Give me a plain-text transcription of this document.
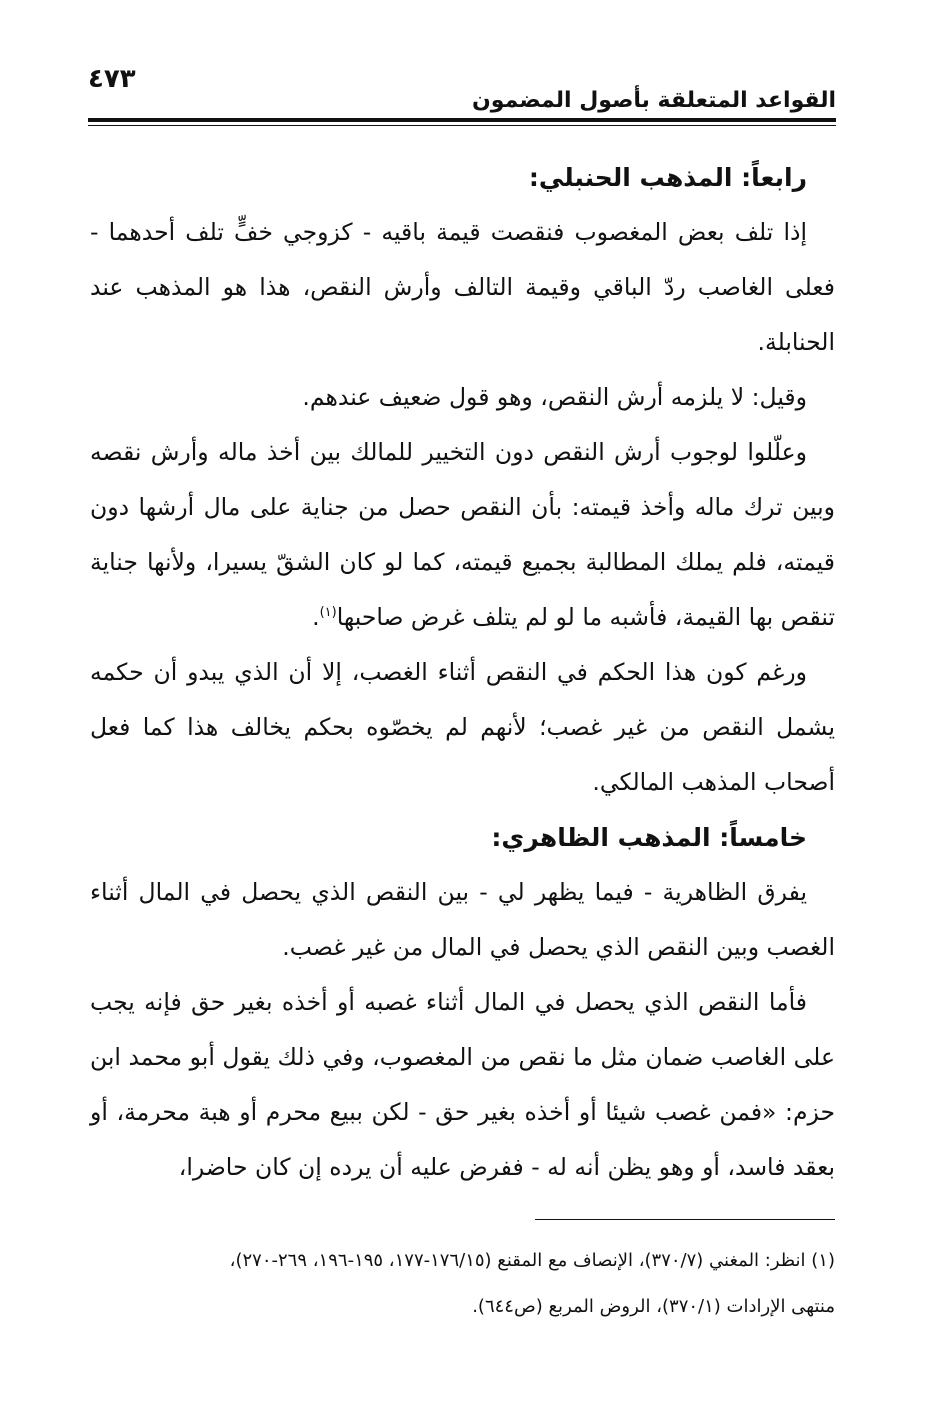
٤٧٣
القواعد المتعلقة بأصول المضمون

رابعاً: المذهب الحنبلي:

إذا تلف بعض المغصوب فنقصت قيمة باقيه - كزوجي خفٍّ تلف أحدهما - فعلى الغاصب ردّ الباقي وقيمة التالف وأرش النقص، هذا هو المذهب عند الحنابلة.

وقيل: لا يلزمه أرش النقص، وهو قول ضعيف عندهم.

وعلّلوا لوجوب أرش النقص دون التخيير للمالك بين أخذ ماله وأرش نقصه وبين ترك ماله وأخذ قيمته: بأن النقص حصل من جناية على مال أرشها دون قيمته، فلم يملك المطالبة بجميع قيمته، كما لو كان الشقّ يسيرا، ولأنها جناية تنقص بها القيمة، فأشبه ما لو لم يتلف غرض صاحبها$^{(١)}$.

ورغم كون هذا الحكم في النقص أثناء الغصب، إلا أن الذي يبدو أن حكمه يشمل النقص من غير غصب؛ لأنهم لم يخصّوه بحكم يخالف هذا كما فعل أصحاب المذهب المالكي.

خامساً: المذهب الظاهري:

يفرق الظاهرية - فيما يظهر لي - بين النقص الذي يحصل في المال أثناء الغصب وبين النقص الذي يحصل في المال من غير غصب.

فأما النقص الذي يحصل في المال أثناء غصبه أو أخذه بغير حق فإنه يجب على الغاصب ضمان مثل ما نقص من المغصوب، وفي ذلك يقول أبو محمد ابن حزم: «فمن غصب شيئا أو أخذه بغير حق - لكن ببيع محرم أو هبة محرمة، أو بعقد فاسد، أو وهو يظن أنه له - ففرض عليه أن يرده إن كان حاضرا،

(١) انظر: المغني (٣٧٠/٧)، الإنصاف مع المقنع (١٧٦/١٥-١٧٧، ١٩٥-١٩٦، ٢٦٩-٢٧٠)،

منتهى الإرادات (٣٧٠/١)، الروض المربع (ص٦٤٤).
